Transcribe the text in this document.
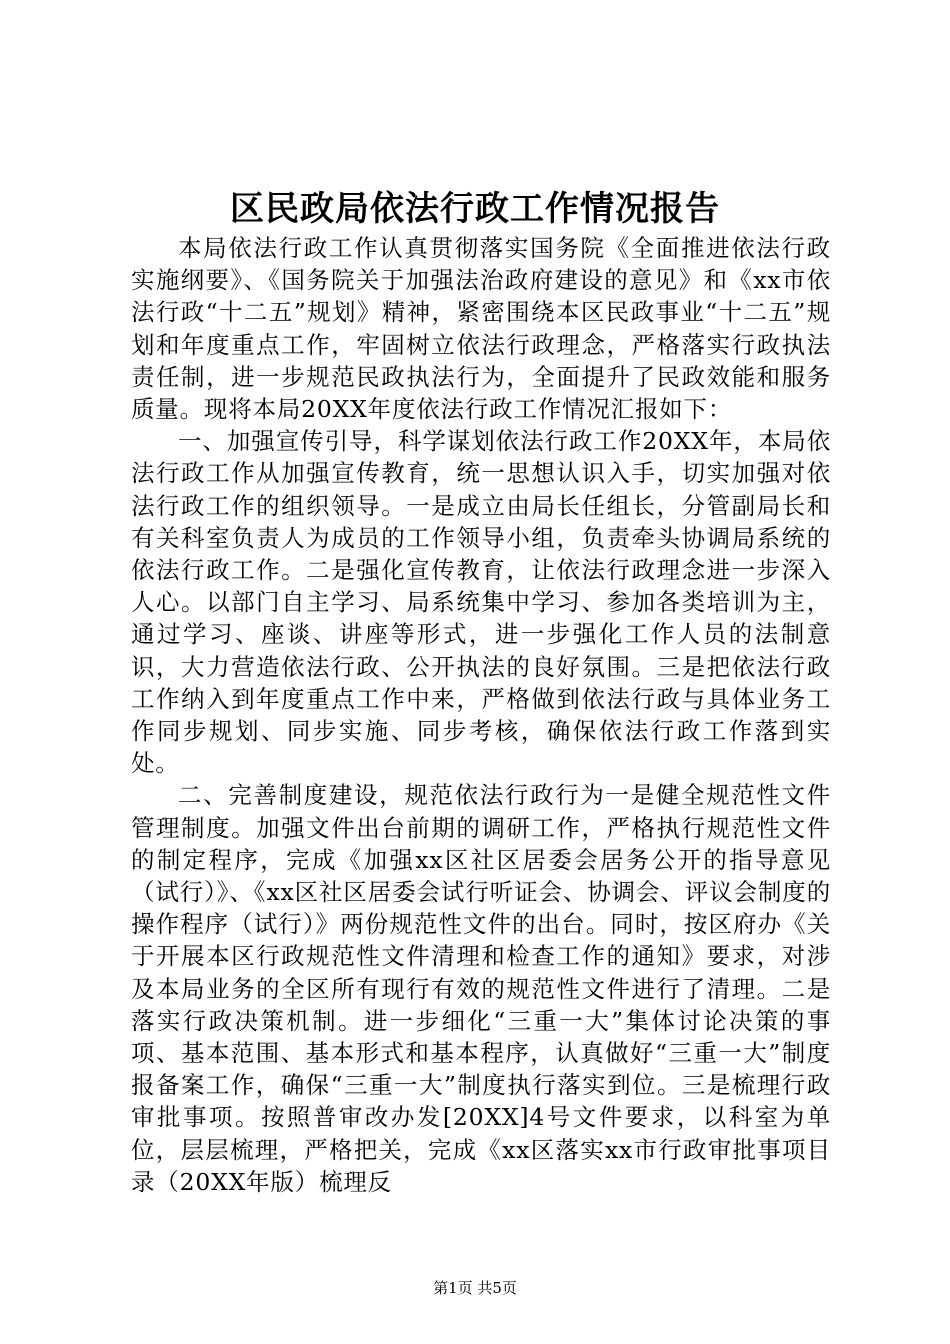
区民政局依法行政工作情况报告

本局依法行政工作认真贯彻落实国务院《全面推进依法行政实施纲要》、《国务院关于加强法治政府建设的意见》和《xx市依法行政“十二五”规划》精神，紧密围绕本区民政事业“十二五”规划和年度重点工作，牢固树立依法行政理念，严格落实行政执法责任制，进一步规范民政执法行为，全面提升了民政效能和服务质量。现将本局20XX年度依法行政工作情况汇报如下：

一、加强宣传引导，科学谋划依法行政工作20XX年，本局依法行政工作从加强宣传教育，统一思想认识入手，切实加强对依法行政工作的组织领导。一是成立由局长任组长，分管副局长和有关科室负责人为成员的工作领导小组，负责牵头协调局系统的依法行政工作。二是强化宣传教育，让依法行政理念进一步深入人心。以部门自主学习、局系统集中学习、参加各类培训为主，通过学习、座谈、讲座等形式，进一步强化工作人员的法制意识，大力营造依法行政、公开执法的良好氛围。三是把依法行政工作纳入到年度重点工作中来，严格做到依法行政与具体业务工作同步规划、同步实施、同步考核，确保依法行政工作落到实处。

二、完善制度建设，规范依法行政行为一是健全规范性文件管理制度。加强文件出台前期的调研工作，严格执行规范性文件的制定程序，完成《加强xx区社区居委会居务公开的指导意见（试行）》、《xx区社区居委会试行听证会、协调会、评议会制度的操作程序（试行）》两份规范性文件的出台。同时，按区府办《关于开展本区行政规范性文件清理和检查工作的通知》要求，对涉及本局业务的全区所有现行有效的规范性文件进行了清理。二是落实行政决策机制。进一步细化“三重一大”集体讨论决策的事项、基本范围、基本形式和基本程序，认真做好“三重一大”制度报备案工作，确保“三重一大”制度执行落实到位。三是梳理行政审批事项。按照普审改办发[20XX]4号文件要求，以科室为单位，层层梳理，严格把关，完成《xx区落实xx市行政审批事项目录（20XX年版）梳理反

第1页 共5页
